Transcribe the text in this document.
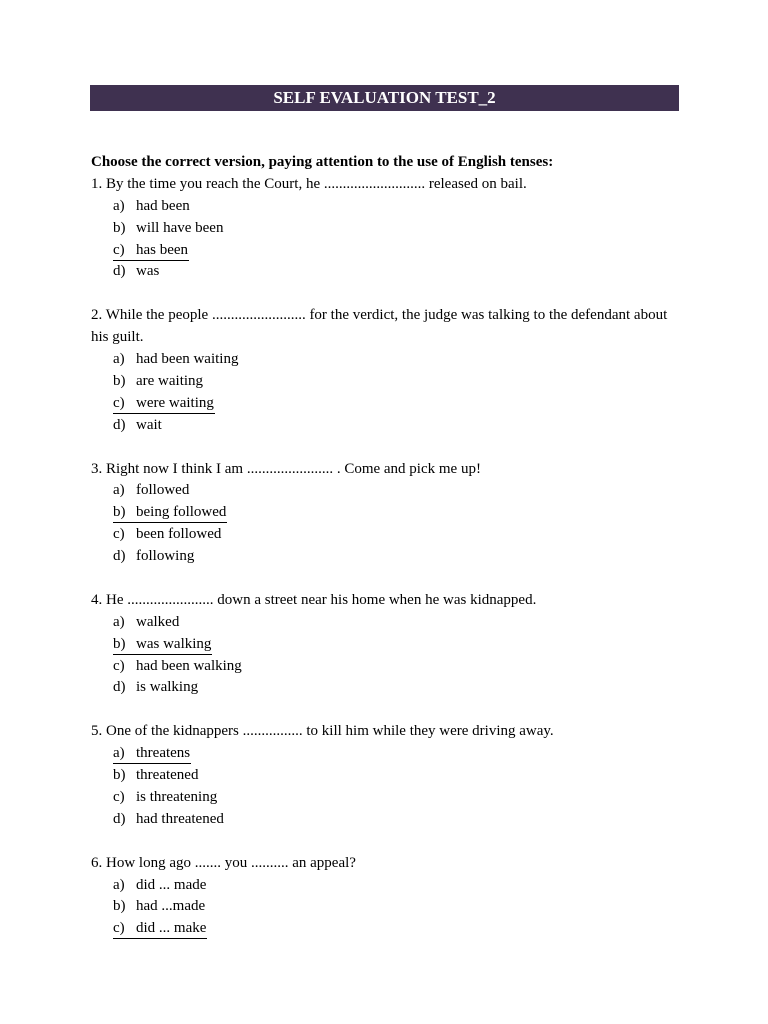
SELF EVALUATION TEST_2
Choose the correct version, paying attention to the use of English tenses:
1. By the time you reach the Court, he ........................... released on bail.
a) had been
b) will have been
c) has been
d) was
2. While the people ......................... for the verdict, the judge was talking to the defendant about his guilt.
a) had been waiting
b) are waiting
c) were waiting
d) wait
3. Right now I think I am ....................... . Come and pick me up!
a) followed
b) being followed
c) been followed
d) following
4. He ....................... down a street near his home when he was kidnapped.
a) walked
b) was walking
c) had been walking
d) is walking
5. One of the kidnappers ................ to kill him while they were driving away.
a) threatens
b) threatened
c) is threatening
d) had threatened
6. How long ago ....... you .......... an appeal?
a) did ... made
b) had ...made
c) did ... make
